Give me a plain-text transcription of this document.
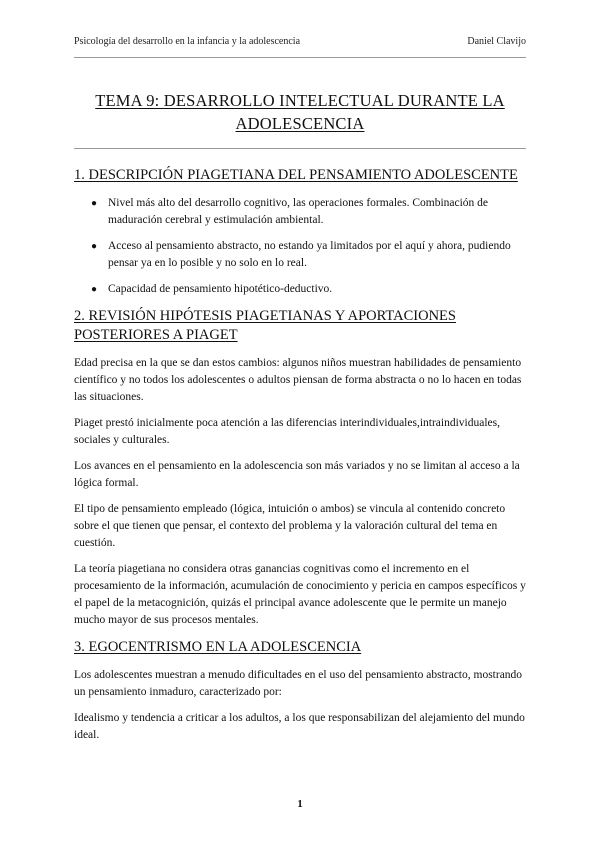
Psicología del desarrollo en la infancia y la adolescencia	Daniel Clavijo
TEMA 9: DESARROLLO INTELECTUAL DURANTE LA ADOLESCENCIA
1. DESCRIPCIÓN PIAGETIANA DEL PENSAMIENTO ADOLESCENTE
● Nivel más alto del desarrollo cognitivo, las operaciones formales. Combinación de maduración cerebral y estimulación ambiental.
● Acceso al pensamiento abstracto, no estando ya limitados por el aquí y ahora, pudiendo pensar ya en lo posible y no solo en lo real.
● Capacidad de pensamiento hipotético-deductivo.
2. REVISIÓN HIPÓTESIS PIAGETIANAS Y APORTACIONES POSTERIORES A PIAGET

Edad precisa en la que se dan estos cambios: algunos niños muestran habilidades de pensamiento científico y no todos los adolescentes o adultos piensan de forma abstracta o no lo hacen en todas las situaciones.

Piaget prestó inicialmente poca atención a las diferencias interindividuales,intraindividuales, sociales y culturales.

Los avances en el pensamiento en la adolescencia son más variados y no se limitan al acceso a la lógica formal.

El tipo de pensamiento empleado (lógica, intuición o ambos) se vincula al contenido concreto sobre el que tienen que pensar, el contexto del problema y la valoración cultural del tema en cuestión.

La teoría piagetiana no considera otras ganancias cognitivas como el incremento en el procesamiento de la información, acumulación de conocimiento y pericia en campos específicos y el papel de la metacognición, quizás el principal avance adolescente que le permite un manejo mucho mayor de sus procesos mentales.

3. EGOCENTRISMO EN LA ADOLESCENCIA

Los adolescentes muestran a menudo dificultades en el uso del pensamiento abstracto, mostrando un pensamiento inmaduro, caracterizado por:

Idealismo y tendencia a criticar a los adultos, a los que responsabilizan del alejamiento del mundo ideal.

1
